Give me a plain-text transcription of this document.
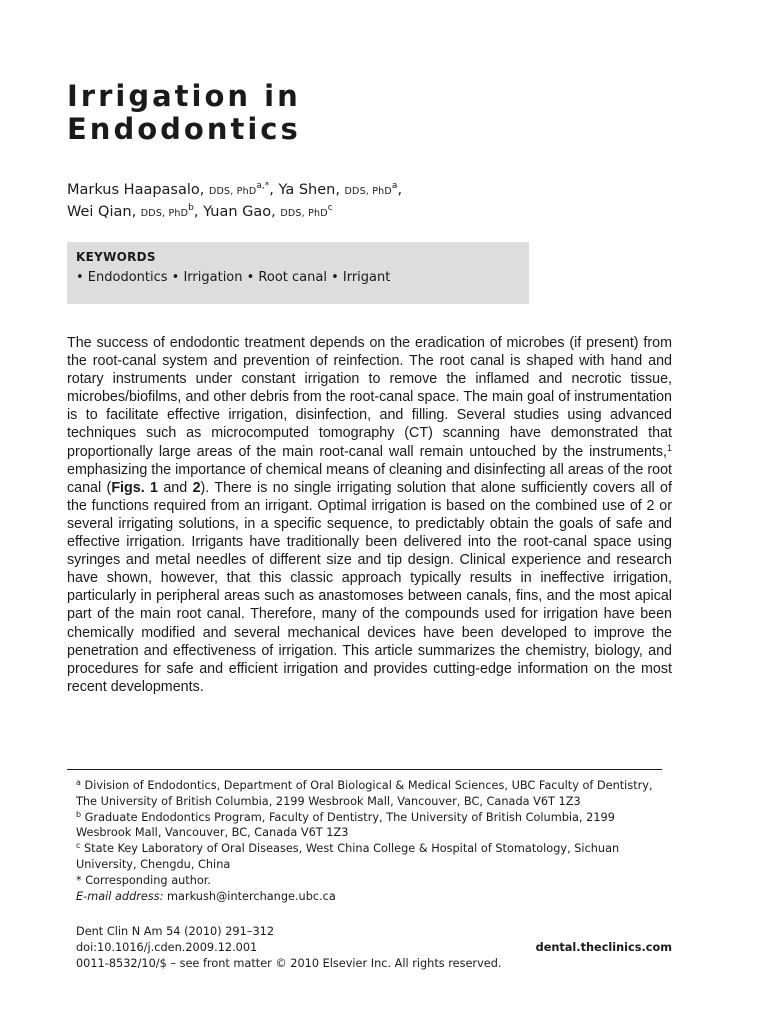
Irrigation in
Endodontics
Markus Haapasalo, DDS, PhD$^{a,*}$, Ya Shen, DDS, PhD$^a$,
Wei Qian, DDS, PhD$^b$, Yuan Gao, DDS, PhD$^c$
KEYWORDS
• Endodontics • Irrigation • Root canal • Irrigant

The success of endodontic treatment depends on the eradication of microbes (if present) from the root-canal system and prevention of reinfection. The root canal is shaped with hand and rotary instruments under constant irrigation to remove the inflamed and necrotic tissue, microbes/biofilms, and other debris from the root-canal space. The main goal of instrumentation is to facilitate effective irrigation, disinfection, and filling. Several studies using advanced techniques such as microcomputed tomography (CT) scanning have demonstrated that proportionally large areas of the main root-canal wall remain untouched by the instruments,$^1$ emphasizing the importance of chemical means of cleaning and disinfecting all areas of the root canal (Figs. 1 and 2). There is no single irrigating solution that alone sufficiently covers all of the functions required from an irrigant. Optimal irrigation is based on the combined use of 2 or several irrigating solutions, in a specific sequence, to predictably obtain the goals of safe and effective irrigation. Irrigants have traditionally been delivered into the root-canal space using syringes and metal needles of different size and tip design. Clinical experience and research have shown, however, that this classic approach typically results in ineffective irrigation, particularly in peripheral areas such as anastomoses between canals, fins, and the most apical part of the main root canal. Therefore, many of the compounds used for irrigation have been chemically modified and several mechanical devices have been developed to improve the penetration and effectiveness of irrigation. This article summarizes the chemistry, biology, and procedures for safe and efficient irrigation and provides cutting-edge information on the most recent developments.

$^a$ Division of Endodontics, Department of Oral Biological & Medical Sciences, UBC Faculty of Dentistry, The University of British Columbia, 2199 Wesbrook Mall, Vancouver, BC, Canada V6T 1Z3
$^b$ Graduate Endodontics Program, Faculty of Dentistry, The University of British Columbia, 2199 Wesbrook Mall, Vancouver, BC, Canada V6T 1Z3
$^c$ State Key Laboratory of Oral Diseases, West China College & Hospital of Stomatology, Sichuan University, Chengdu, China
* Corresponding author.
E-mail address: markush@interchange.ubc.ca
Dent Clin N Am 54 (2010) 291–312
doi:10.1016/j.cden.2009.12.001
0011-8532/10/$ – see front matter © 2010 Elsevier Inc. All rights reserved.
dental.theclinics.com
